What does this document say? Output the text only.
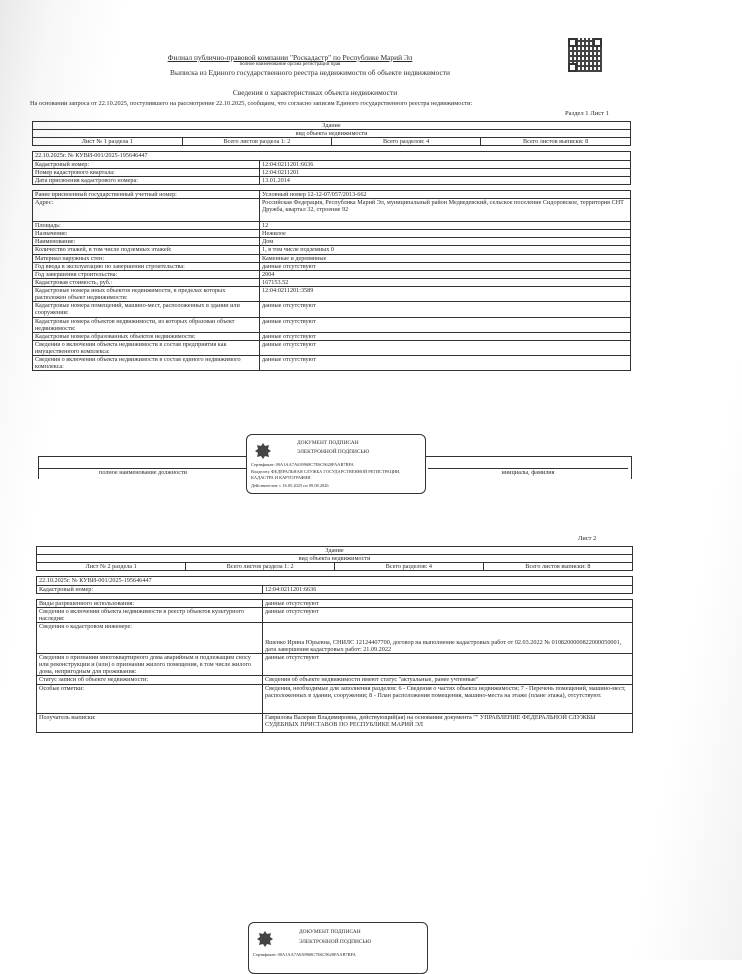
Филиал публично-правовой компании "Роскадастр" по Республике Марий Эл
полное наименование органа регистрации прав
Выписка из Единого государственного реестра недвижимости об объекте недвижимости
Сведения о характеристиках объекта недвижимости
На основании запроса от 22.10.2025, поступившего на рассмотрение 22.10.2025, сообщаем, что согласно записям Единого государственного реестра недвижимости:
Раздел 1 Лист 1
Здание
вид объекта недвижимости

Лист № 1 раздела 1	Всего листов раздела 1: 2	Всего разделов: 4	Всего листов выписки: 8

22.10.2025г. № КУВИ-001/2025-195646447
Кадастровый номер:	12:04:0211201:6636
Номер кадастрового квартала:	12:04:0211201
Дата присвоения кадастрового номера:	13.01.2014

Ранее присвоенный государственный учетный номер:	Условный номер 12-12-07/057/2013-662
Адрес:	Российская Федерация, Республика Марий Эл, муниципальный район Медведевский, сельское поселение Сидоровское, территория СНТ Дружба, квартал 32, строение 92
Площадь:	12
Назначение:	Нежилое
Наименование:	Дом
Количество этажей, в том числе подземных этажей:	1, в том числе подземных 0
Материал наружных стен:	Каменные и деревянные
Год ввода в эксплуатацию по завершении строительства:	данные отсутствуют
Год завершения строительства:	2004
Кадастровая стоимость, руб.:	167153.52
Кадастровые номера иных объектов недвижимости, в пределах которых расположен объект недвижимости:	12:04:0211201:3589
Кадастровые номера помещений, машино-мест, расположенных в здании или сооружении:	данные отсутствуют
Кадастровые номера объектов недвижимости, из которых образован объект недвижимости:	данные отсутствуют
Кадастровые номера образованных объектов недвижимости:	данные отсутствуют
Сведения о включении объекта недвижимости в состав предприятия как имущественного комплекса:	данные отсутствуют
Сведения о включении объекта недвижимости в состав единого недвижимого комплекса:	данные отсутствуют
полное наименование должности	инициалы, фамилия
ДОКУМЕНТ ПОДПИСАН
ЭЛЕКТРОННОЙ ПОДПИСЬЮ
Сертификат: 00A1AA7A639968C7E6C9620FAAB7BFA
Владелец: ФЕДЕРАЛЬНАЯ СЛУЖБА ГОСУДАРСТВЕННОЙ РЕГИСТРАЦИИ, КАДАСТРА И КАРТОГРАФИИ
Действителен: с 16.05.2025 по 09.08.2026
Лист 2
Здание
вид объекта недвижимости

Лист № 2 раздела 1	Всего листов раздела 1: 2	Всего разделов: 4	Всего листов выписки: 8

22.10.2025г. № КУВИ-001/2025-195646447
Кадастровый номер:	12:04:0211201:6636

Виды разрешенного использования:	данные отсутствуют
Сведения о включении объекта недвижимости в реестр объектов культурного наследия:	данные отсутствуют
Сведения о кадастровом инженере:	Яшенко Ирина Юрьевна, СНИЛС 12124407700, договор на выполнение кадастровых работ от 02.03.2022 № 0108200000822000050001, дата завершения кадастровых работ: 21.09.2022
Сведения о признании многоквартирного дома аварийным и подлежащим сносу или реконструкции и (или) о признании жилого помещения, в том числе жилого дома, непригодным для проживания:	данные отсутствуют
Статус записи об объекте недвижимости:	Сведения об объекте недвижимости имеют статус "актуальные, ранее учтенные"
Особые отметки:	Сведения, необходимые для заполнения разделов: 6 - Сведения о частях объекта недвижимости; 7 - Перечень помещений, машино-мест, расположенных в здании, сооружении; 8 - План расположения помещения, машино-места на этаже (плане этажа), отсутствуют.
Получатель выписки:	Гаврилова Валерия Владимировна, действующий(ая) на основании документа "" УПРАВЛЕНИЕ ФЕДЕРАЛЬНОЙ СЛУЖБЫ СУДЕБНЫХ ПРИСТАВОВ ПО РЕСПУБЛИКЕ МАРИЙ ЭЛ
ДОКУМЕНТ ПОДПИСАН
ЭЛЕКТРОННОЙ ПОДПИСЬЮ
Сертификат: 00A1AA7A639968C7E6C9620FAAB7BFA
